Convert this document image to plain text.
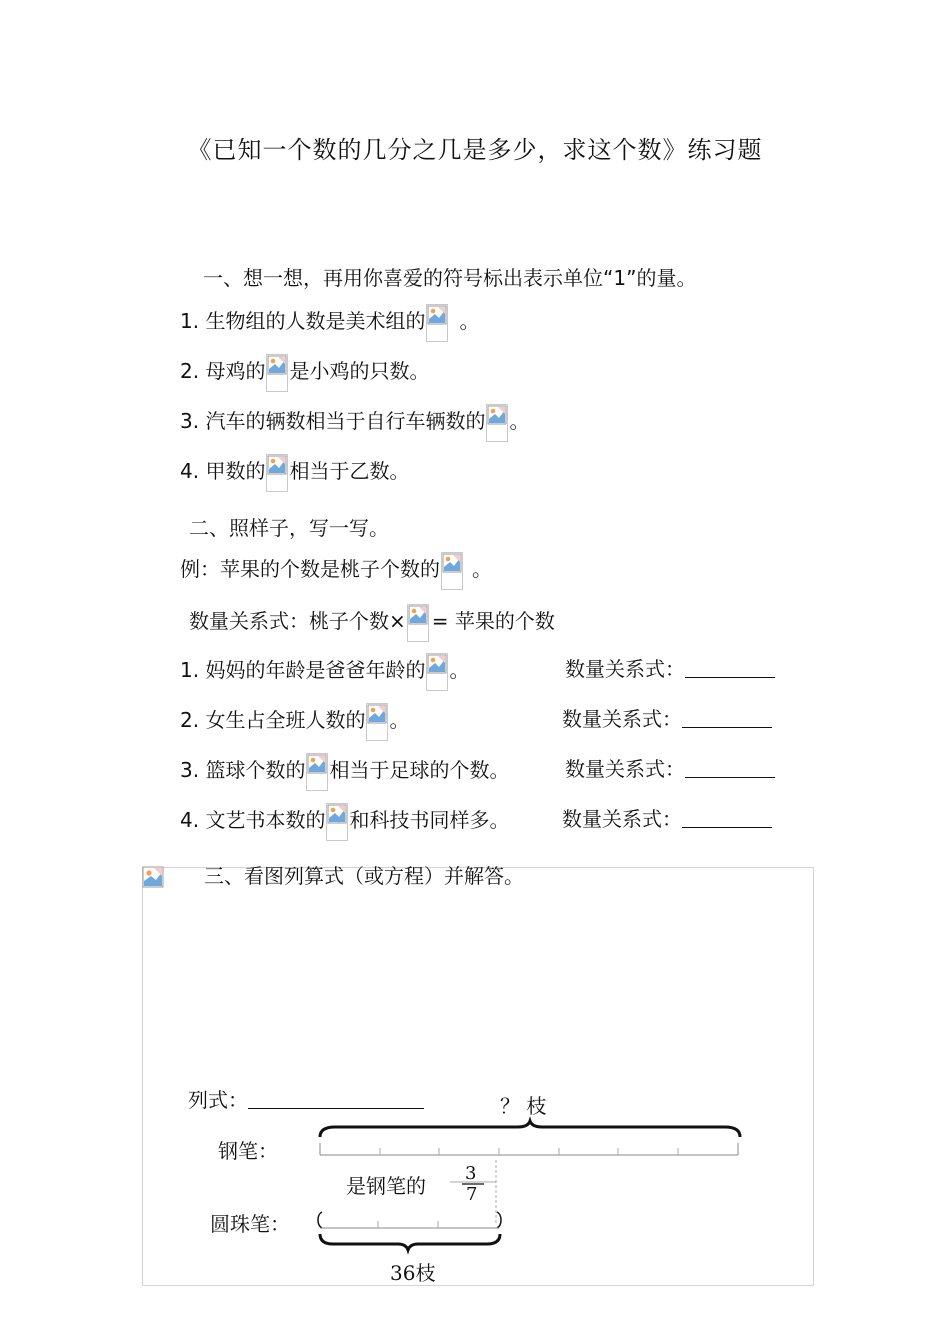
《已知一个数的几分之几是多少，求这个数》练习题
一、想一想，再用你喜爱的符号标出表示单位“1”的量。
1. 生物组的人数是美术组的 。
2. 母鸡的 是小鸡的只数。
3. 汽车的辆数相当于自行车辆数的 。
4. 甲数的 相当于乙数。
二、照样子，写一写。
例：苹果的个数是桃子个数的 。
数量关系式：桃子个数× = 苹果的个数
1. 妈妈的年龄是爸爸年龄的 。	数量关系式：
2. 女生占全班人数的 。	数量关系式：
3. 篮球个数的 相当于足球的个数。	数量关系式：
4. 文艺书本数的 和科技书同样多。	数量关系式：
三、看图列算式（或方程）并解答。
列式：	？ 枝
钢笔：
圆珠笔：
是钢笔的
3
7
36枝
